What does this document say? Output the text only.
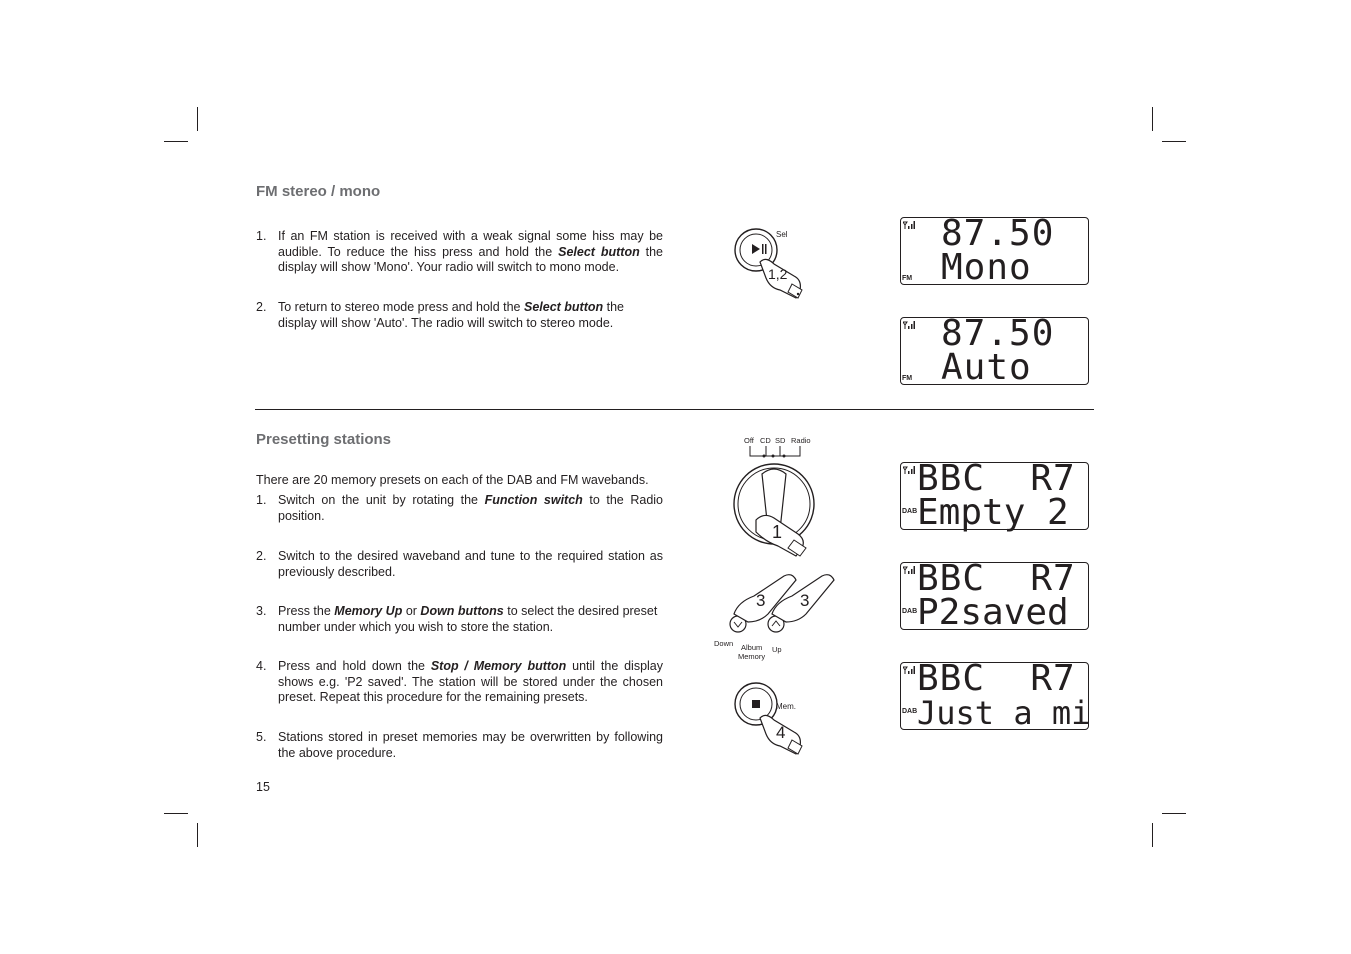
FM stereo / mono
1. If an FM station is received with a weak signal some hiss may be audible. To reduce the hiss press and hold the Select button the display will show 'Mono'. Your radio will switch to mono mode.
2. To return to stereo mode press and hold the Select button the display will show 'Auto'. The radio will switch to stereo mode.
Sel
1,2
87.50
Mono
FM
87.50
Auto
FM
Presetting stations
There are 20 memory presets on each of the DAB and FM wavebands.
1. Switch on the unit by rotating the Function switch to the Radio position.
2. Switch to the desired waveband and tune to the required station as previously described.
3. Press the Memory Up or Down buttons to select the desired preset number under which you wish to store the station.
4. Press and hold down the Stop / Memory button until the display shows e.g. 'P2 saved'. The station will be stored under the chosen preset. Repeat this procedure for the remaining presets.
5. Stations stored in preset memories may be overwritten by following the above procedure.
Off CD SD Radio
1
3 3
Down Album
Memory
Up
Mem.
4
BBC  R7
Empty 2
DAB
BBC  R7
P2saved
DAB
BBC  R7
Just a mi
DAB
15
